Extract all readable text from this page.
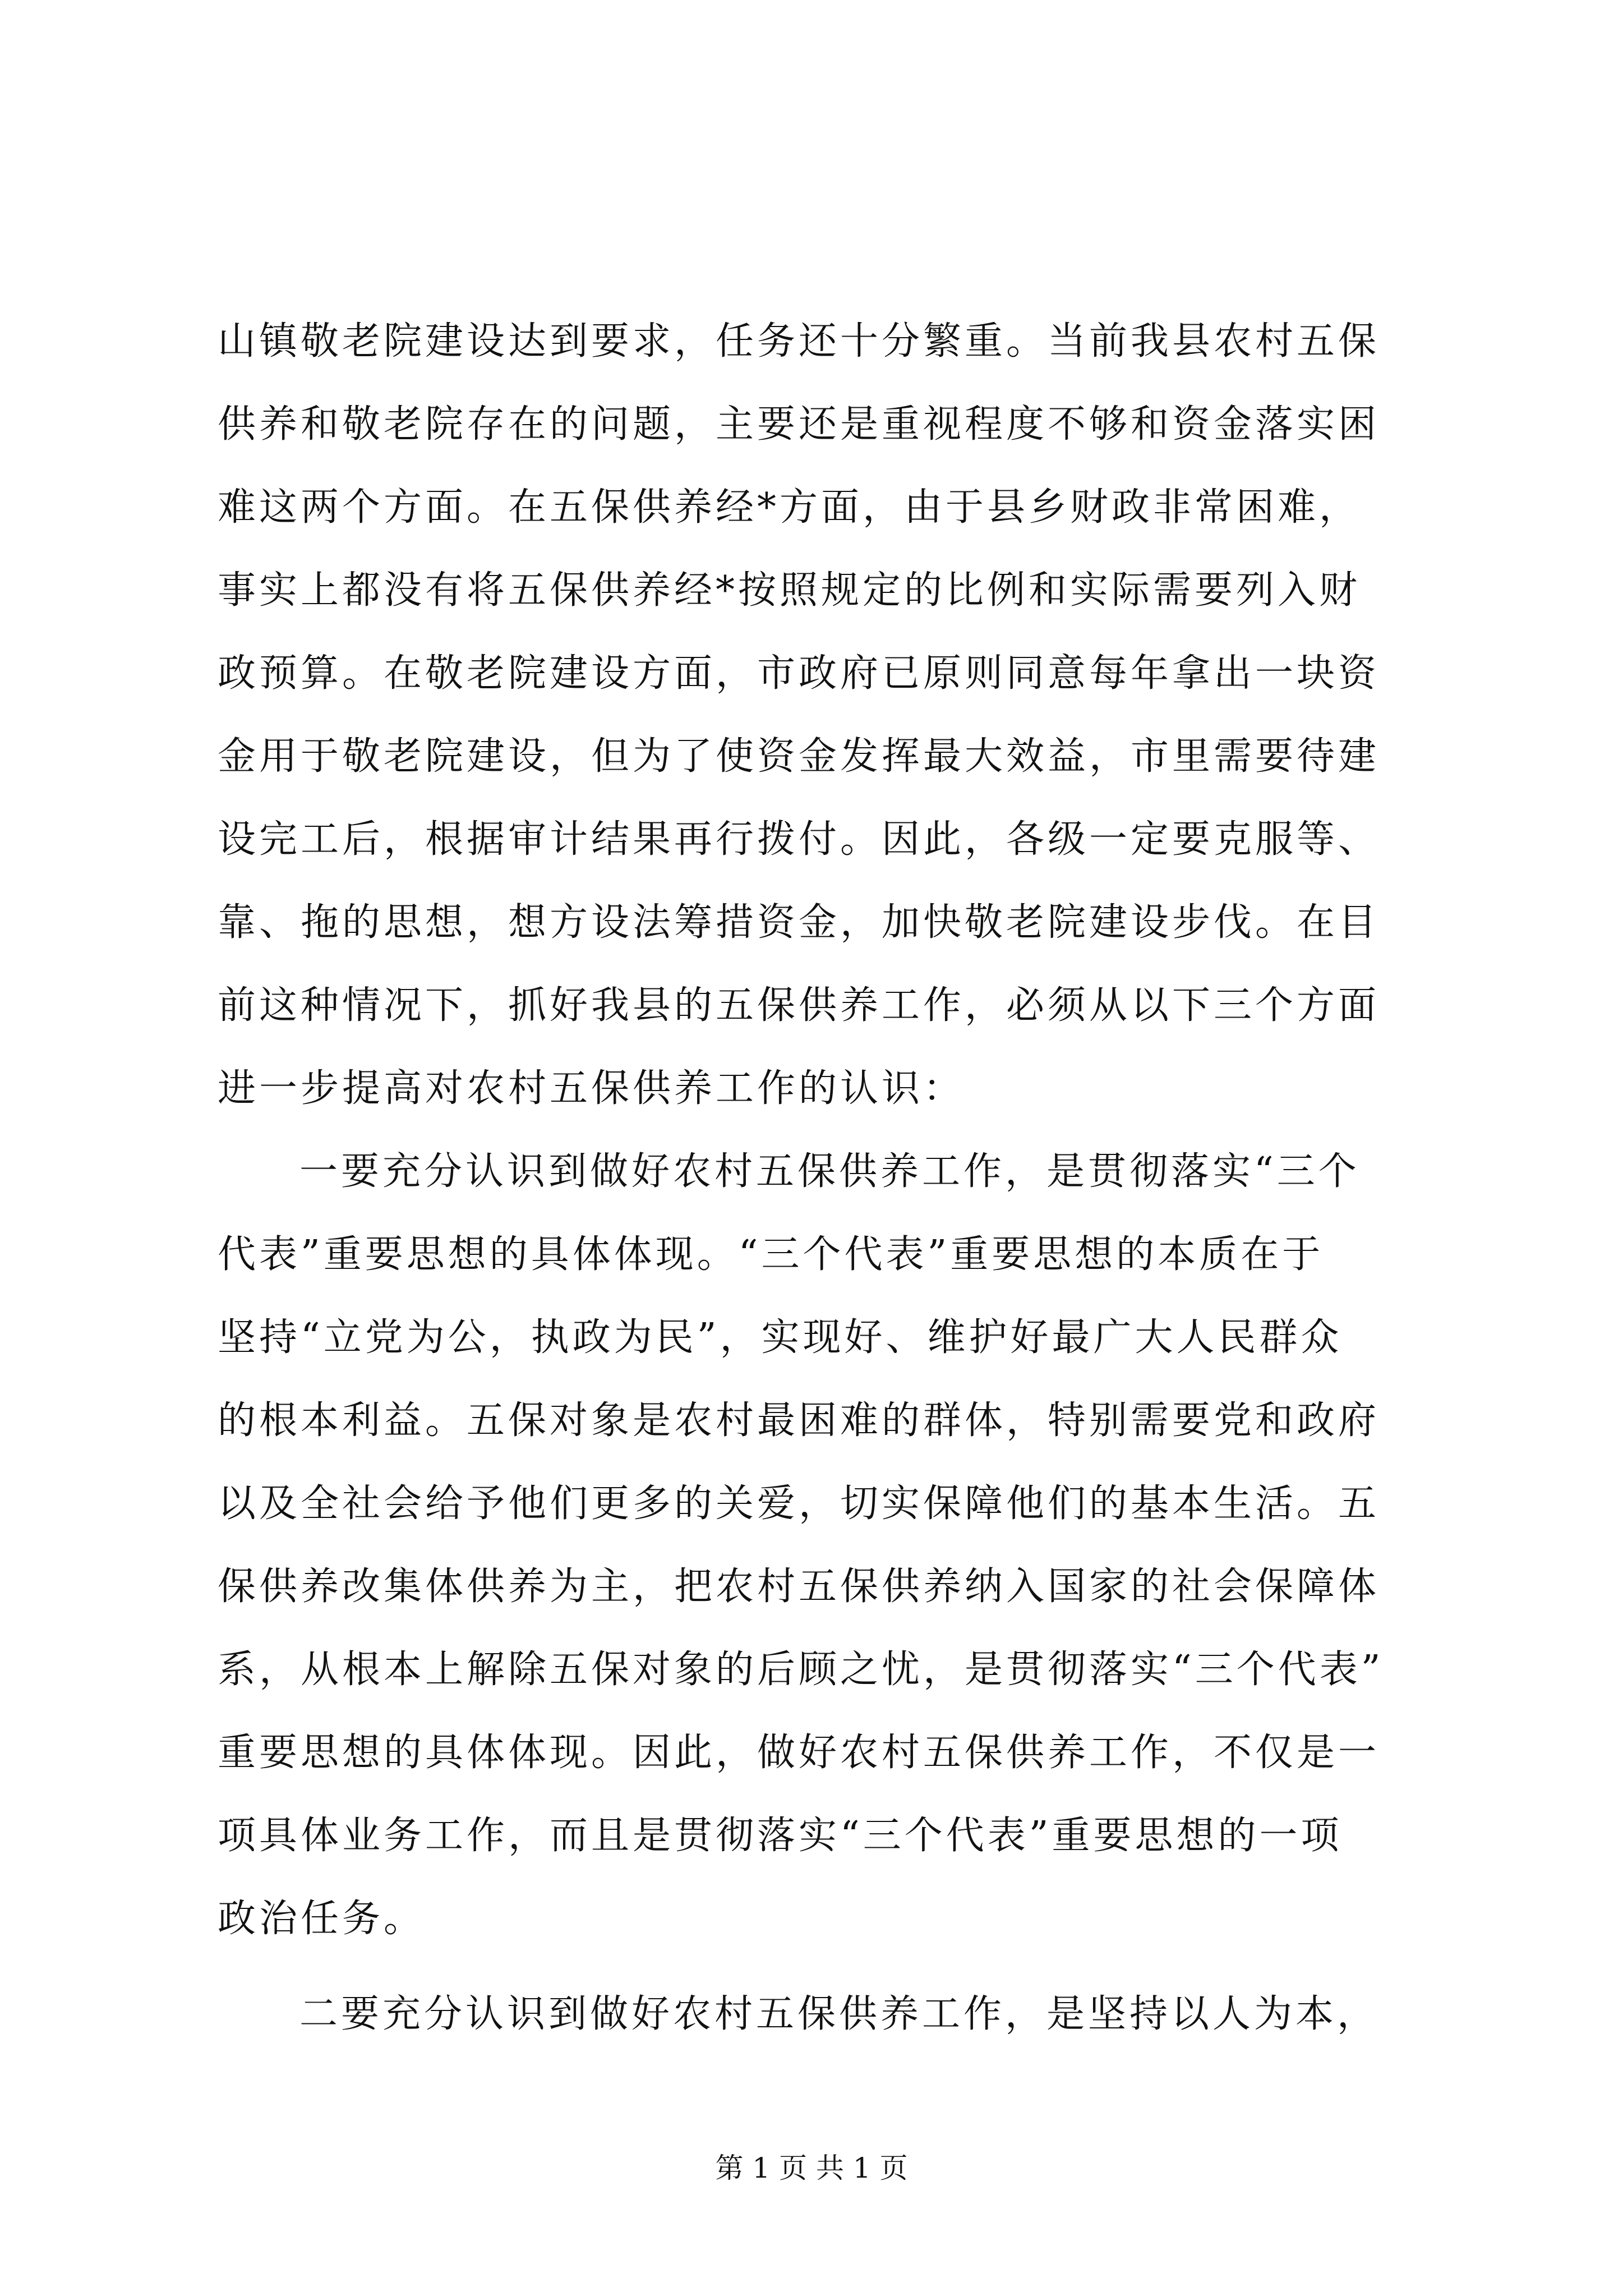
山镇敬老院建设达到要求，任务还十分繁重。当前我县农村五保
供养和敬老院存在的问题，主要还是重视程度不够和资金落实困
难这两个方面。在五保供养经*方面，由于县乡财政非常困难，
事实上都没有将五保供养经*按照规定的比例和实际需要列入财
政预算。在敬老院建设方面，市政府已原则同意每年拿出一块资
金用于敬老院建设，但为了使资金发挥最大效益，市里需要待建
设完工后，根据审计结果再行拨付。因此，各级一定要克服等、
靠、拖的思想，想方设法筹措资金，加快敬老院建设步伐。在目
前这种情况下，抓好我县的五保供养工作，必须从以下三个方面
进一步提高对农村五保供养工作的认识：
一要充分认识到做好农村五保供养工作，是贯彻落实“三个
代表”重要思想的具体体现。“三个代表”重要思想的本质在于
坚持“立党为公，执政为民”，实现好、维护好最广大人民群众
的根本利益。五保对象是农村最困难的群体，特别需要党和政府
以及全社会给予他们更多的关爱，切实保障他们的基本生活。五
保供养改集体供养为主，把农村五保供养纳入国家的社会保障体
系，从根本上解除五保对象的后顾之忧，是贯彻落实“三个代表”
重要思想的具体体现。因此，做好农村五保供养工作，不仅是一
项具体业务工作，而且是贯彻落实“三个代表”重要思想的一项
政治任务。
二要充分认识到做好农村五保供养工作，是坚持以人为本，
第 1 页 共 1 页
